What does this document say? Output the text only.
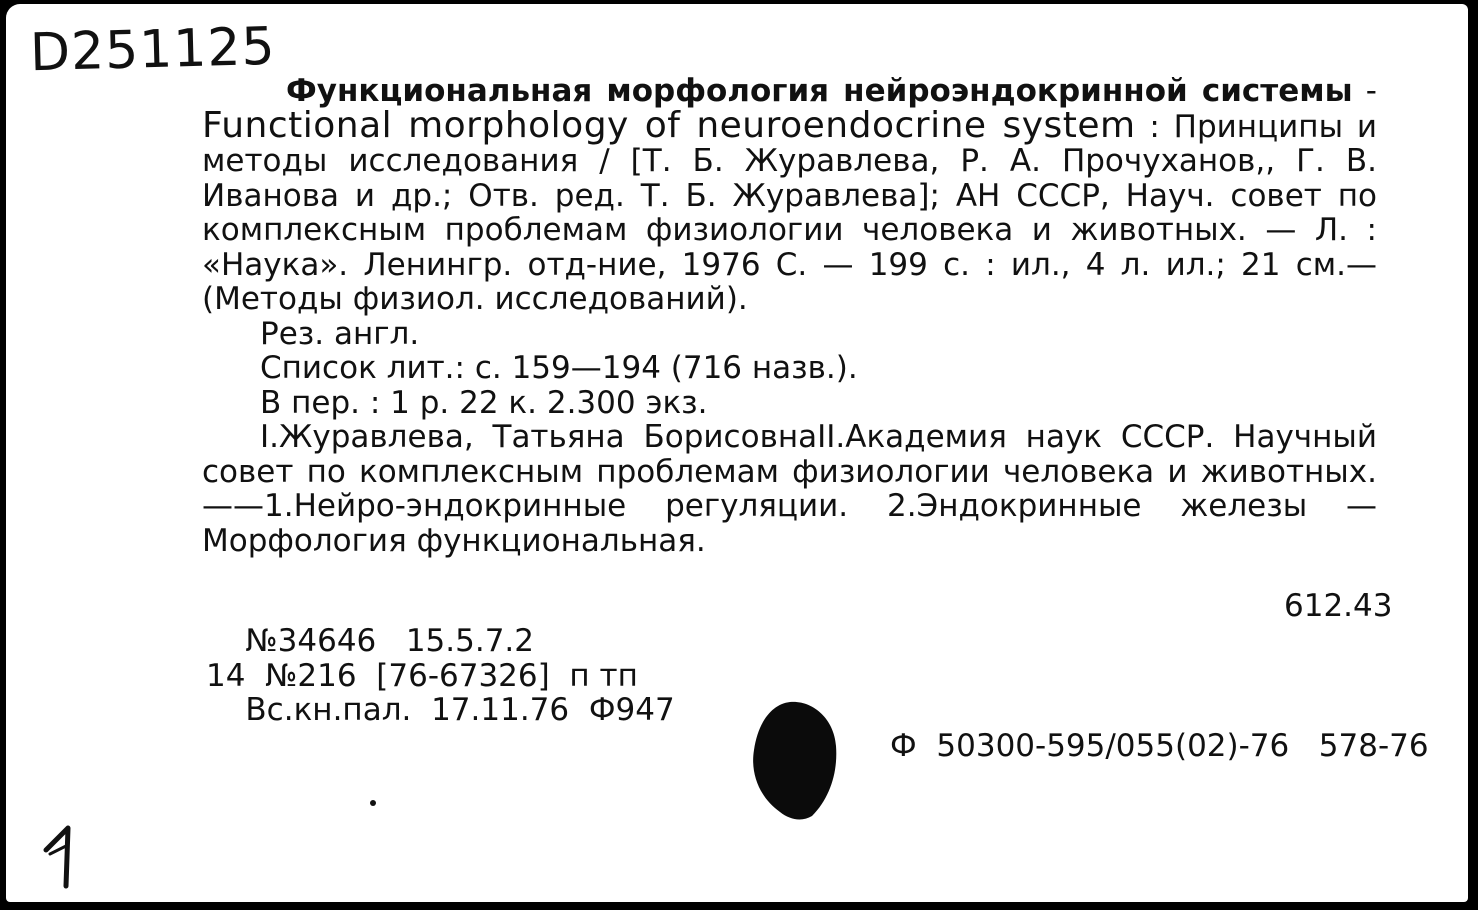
D251125

Функциональная морфология нейроэндокринной системы - Functional morphology of neuroendocrine system : Принципы и методы исследования / [Т. Б. Журавлева, Р. А. Прочуханов,, Г. В. Иванова и др.; Отв. ред. Т. Б. Журавлева]; АН СССР, Науч. совет по комплексным проблемам физиологии человека и животных. — Л. : «Наука». Ленингр. отд-ние, 1976 С. — 199 с. : ил., 4 л. ил.; 21 см.— (Методы физиол. исследований).

Рез. англ.

Список лит.: с. 159—194 (716 назв.).

В пер. : 1 р. 22 к. 2.300 экз.

I.Журавлева, Татьяна БорисовнаII.Академия наук СССР. Научный совет по комплексным проблемам физиологии человека и животных. ——1.Нейро-эндокринные регуляции. 2.Эндокринные железы — Морфология функциональная.

612.43
№34646   15.5.7.2
14  №216  [76-67326]  п тп
Вс.кн.пал.  17.11.76  Ф947
Ф  50300-595/055(02)-76   578-76
